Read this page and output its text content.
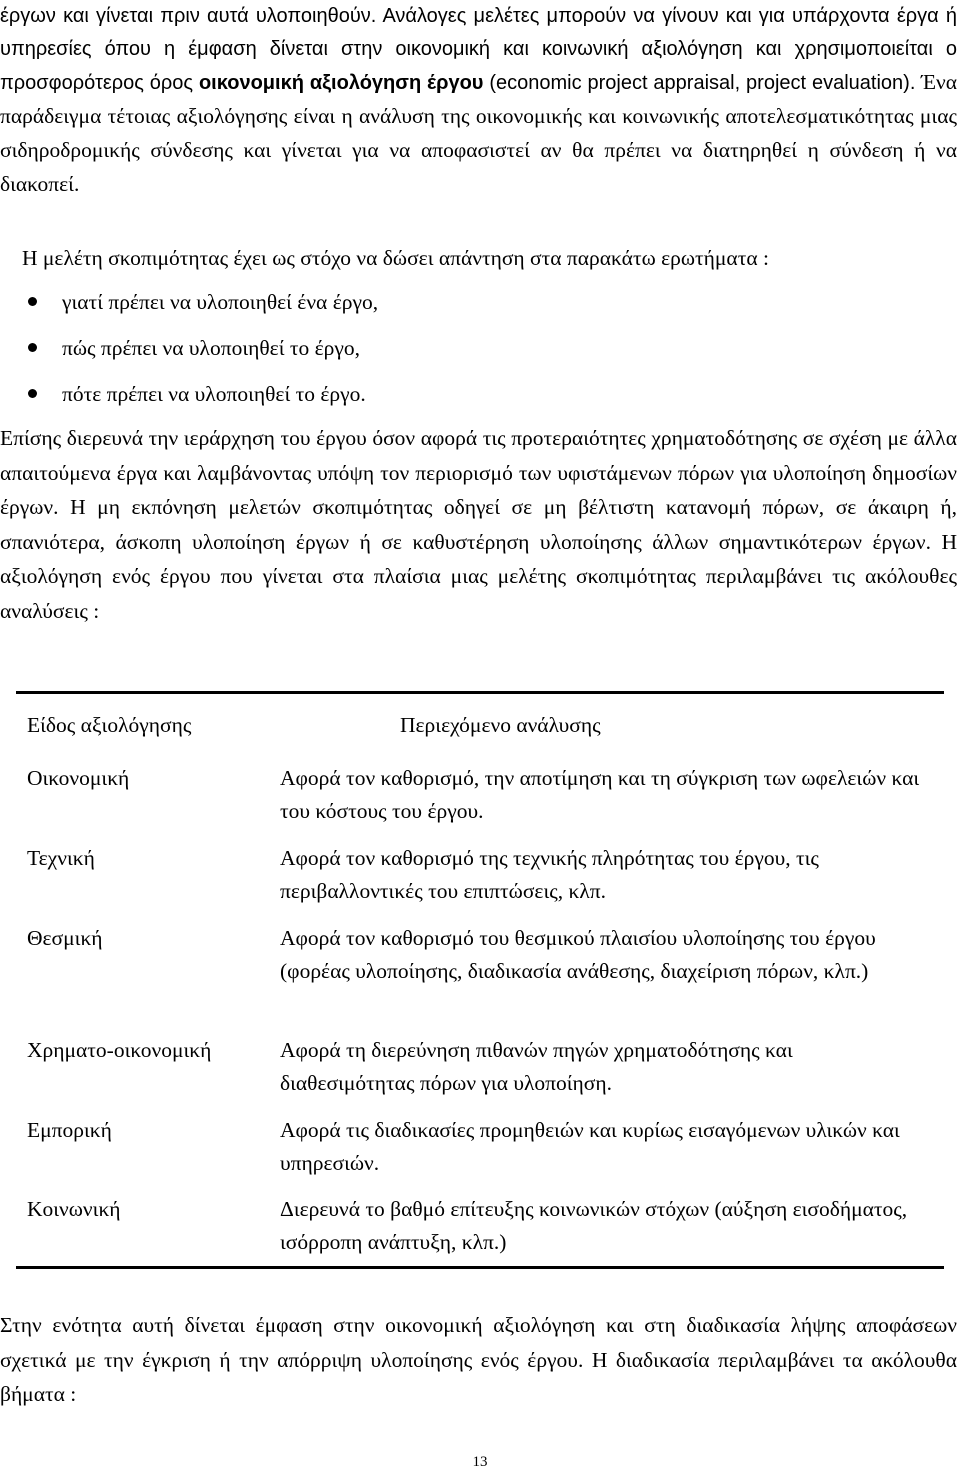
έργων και γίνεται πριν αυτά υλοποιηθούν. Ανάλογες μελέτες μπορούν να γίνουν και για υπάρχοντα έργα ή υπηρεσίες όπου η έμφαση δίνεται στην οικονομική και κοινωνική αξιολόγηση και χρησιμοποιείται ο προσφορότερος όρος οικονομική αξιολόγηση έργου (economic project appraisal, project evaluation). Ένα παράδειγμα τέτοιας αξιολόγησης είναι η ανάλυση της οικονομικής και κοινωνικής αποτελεσματικότητας μιας σιδηροδρομικής σύνδεσης και γίνεται για να αποφασιστεί αν θα πρέπει να διατηρηθεί η σύνδεση ή να διακοπεί.

Η μελέτη σκοπιμότητας έχει ως στόχο να δώσει απάντηση στα παρακάτω ερωτήματα :

γιατί πρέπει να υλοποιηθεί ένα έργο,
πώς πρέπει να υλοποιηθεί το έργο,
πότε πρέπει να υλοποιηθεί το έργο.

Επίσης διερευνά την ιεράρχηση του έργου όσον αφορά τις προτεραιότητες χρηματοδότησης σε σχέση με άλλα απαιτούμενα έργα και λαμβάνοντας υπόψη τον περιορισμό των υφιστάμενων πόρων για υλοποίηση δημοσίων έργων. Η μη εκπόνηση μελετών σκοπιμότητας οδηγεί σε μη βέλτιστη κατανομή πόρων, σε άκαιρη ή, σπανιότερα, άσκοπη υλοποίηση έργων ή σε καθυστέρηση υλοποίησης άλλων σημαντικότερων έργων. Η αξιολόγηση ενός έργου που γίνεται στα πλαίσια μιας μελέτης σκοπιμότητας περιλαμβάνει τις ακόλουθες αναλύσεις :

Είδος αξιολόγησης	Περιεχόμενο ανάλυσης
Οικονομική	Αφορά τον καθορισμό, την αποτίμηση και τη σύγκριση των ωφελειών και του κόστους του έργου.
Τεχνική	Αφορά τον καθορισμό της τεχνικής πληρότητας του έργου, τις περιβαλλοντικές του επιπτώσεις, κλπ.
Θεσμική	Αφορά τον καθορισμό του θεσμικού πλαισίου υλοποίησης του έργου (φορέας υλοποίησης, διαδικασία ανάθεσης, διαχείριση πόρων, κλπ.)
Χρηματο-οικονομική	Αφορά τη διερεύνηση πιθανών πηγών χρηματοδότησης και διαθεσιμότητας πόρων για υλοποίηση.
Εμπορική	Αφορά τις διαδικασίες προμηθειών και κυρίως εισαγόμενων υλικών και υπηρεσιών.
Κοινωνική	Διερευνά το βαθμό επίτευξης κοινωνικών στόχων (αύξηση εισοδήματος, ισόρροπη ανάπτυξη, κλπ.)

Στην ενότητα αυτή δίνεται έμφαση στην οικονομική αξιολόγηση και στη διαδικασία λήψης αποφάσεων σχετικά με την έγκριση ή την απόρριψη υλοποίησης ενός έργου. Η διαδικασία περιλαμβάνει τα ακόλουθα βήματα :

13
